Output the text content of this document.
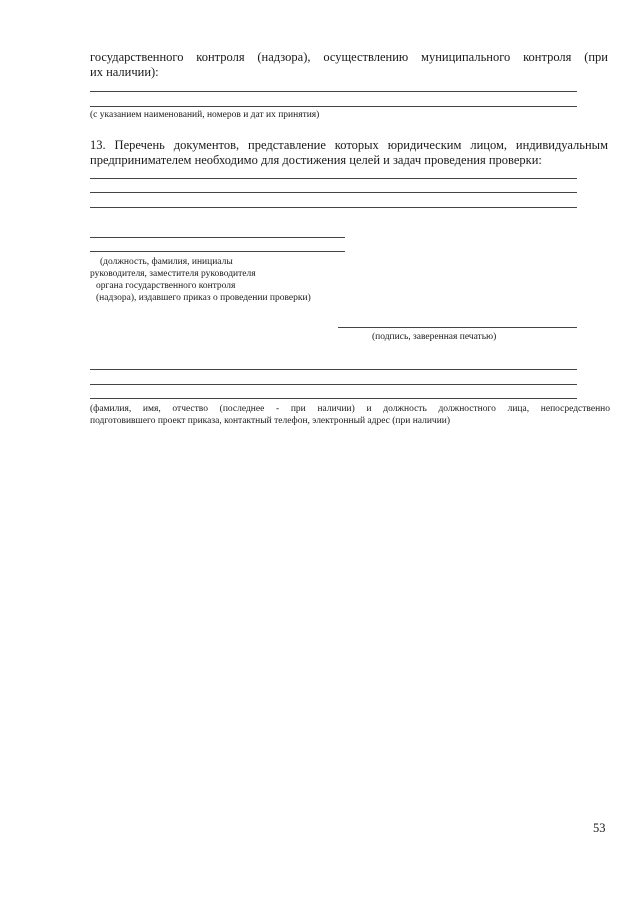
государственного контроля (надзора), осуществлению муниципального контроля (при
их наличии):
(с указанием наименований, номеров и дат их принятия)
13. Перечень документов, представление которых юридическим лицом, индивидуальным
предпринимателем необходимо для достижения целей и задач проведения проверки:
(должность, фамилия, инициалы
руководителя, заместителя руководителя
органа государственного контроля
(надзора), издавшего приказ о проведении проверки)
(подпись, заверенная печатью)
(фамилия, имя, отчество (последнее - при наличии) и должность должностного лица, непосредственно
подготовившего проект приказа, контактный телефон, электронный адрес (при наличии)
53
